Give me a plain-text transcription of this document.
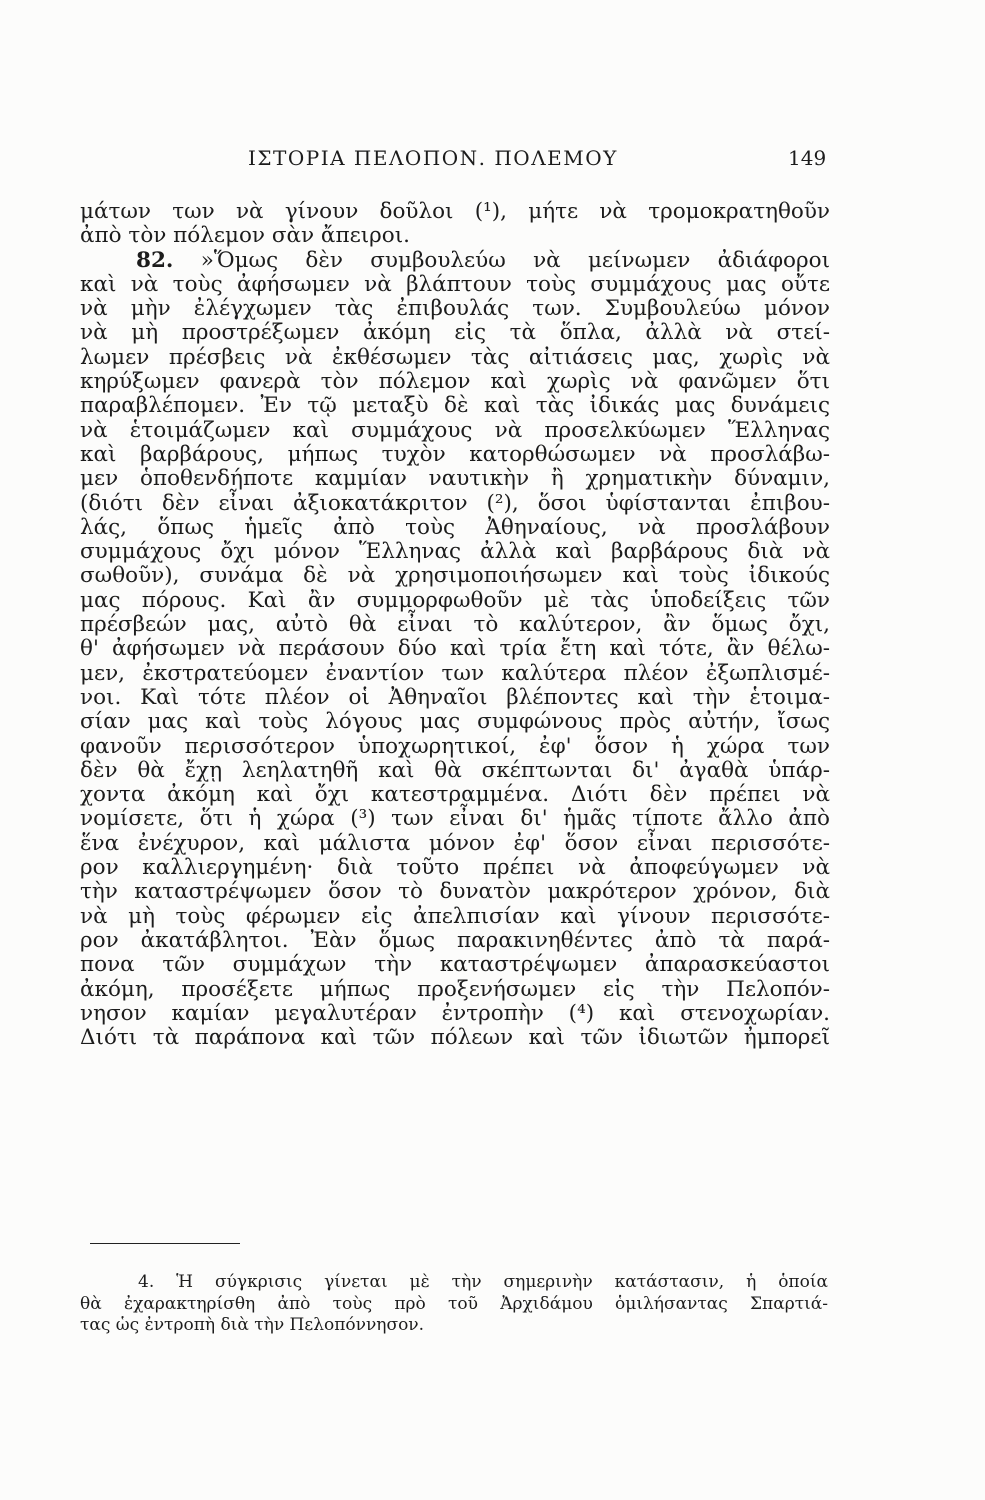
ΙΣΤΟΡΙΑ ΠΕΛΟΠΟΝ. ΠΟΛΕΜΟΥ	149
μάτων των νὰ γίνουν δοῦλοι (¹), μήτε νὰ τρομοκρατηθοῦν
ἀπὸ τὸν πόλεμον σὰν ἄπειροι.
82. »Ὅμως δὲν συμβουλεύω νὰ μείνωμεν ἀδιάφοροι
καὶ νὰ τοὺς ἀφήσωμεν νὰ βλάπτουν τοὺς συμμάχους μας οὔτε
νὰ μὴν ἐλέγχωμεν τὰς ἐπιβουλάς των. Συμβουλεύω μόνον
νὰ μὴ προστρέξωμεν ἀκόμη εἰς τὰ ὅπλα, ἀλλὰ νὰ στεί-
λωμεν πρέσβεις νὰ ἐκθέσωμεν τὰς αἰτιάσεις μας, χωρὶς νὰ
κηρύξωμεν φανερὰ τὸν πόλεμον καὶ χωρὶς νὰ φανῶμεν ὅτι
παραβλέπομεν. Ἐν τῷ μεταξὺ δὲ καὶ τὰς ἰδικάς μας δυνάμεις
νὰ ἑτοιμάζωμεν καὶ συμμάχους νὰ προσελκύωμεν Ἕλληνας
καὶ βαρβάρους, μήπως τυχὸν κατορθώσωμεν νὰ προσλάβω-
μεν ὁποθενδήποτε καμμίαν ναυτικὴν ἢ χρηματικὴν δύναμιν,
(διότι δὲν εἶναι ἀξιοκατάκριτον (²), ὅσοι ὑφίστανται ἐπιβου-
λάς, ὅπως ἡμεῖς ἀπὸ τοὺς Ἀθηναίους, νὰ προσλάβουν
συμμάχους ὄχι μόνον Ἕλληνας ἀλλὰ καὶ βαρβάρους διὰ νὰ
σωθοῦν), συνάμα δὲ νὰ χρησιμοποιήσωμεν καὶ τοὺς ἰδικούς
μας πόρους. Καὶ ἂν συμμορφωθοῦν μὲ τὰς ὑποδείξεις τῶν
πρέσβεών μας, αὐτὸ θὰ εἶναι τὸ καλύτερον, ἂν ὅμως ὄχι,
θ' ἀφήσωμεν νὰ περάσουν δύο καὶ τρία ἔτη καὶ τότε, ἂν θέλω-
μεν, ἐκστρατεύομεν ἐναντίον των καλύτερα πλέον ἐξωπλισμέ-
νοι. Καὶ τότε πλέον οἱ Ἀθηναῖοι βλέποντες καὶ τὴν ἑτοιμα-
σίαν μας καὶ τοὺς λόγους μας συμφώνους πρὸς αὐτήν, ἴσως
φανοῦν περισσότερον ὑποχωρητικοί, ἐφ' ὅσον ἡ χώρα των
δὲν θὰ ἔχῃ λεηλατηθῆ καὶ θὰ σκέπτωνται δι' ἀγαθὰ ὑπάρ-
χοντα ἀκόμη καὶ ὄχι κατεστραμμένα. Διότι δὲν πρέπει νὰ
νομίσετε, ὅτι ἡ χώρα (³) των εἶναι δι' ἡμᾶς τίποτε ἄλλο ἀπὸ
ἕνα ἐνέχυρον, καὶ μάλιστα μόνον ἐφ' ὅσον εἶναι περισσότε-
ρον καλλιεργημένη· διὰ τοῦτο πρέπει νὰ ἀποφεύγωμεν νὰ
τὴν καταστρέψωμεν ὅσον τὸ δυνατὸν μακρότερον χρόνον, διὰ
νὰ μὴ τοὺς φέρωμεν εἰς ἀπελπισίαν καὶ γίνουν περισσότε-
ρον ἀκατάβλητοι. Ἐὰν ὅμως παρακινηθέντες ἀπὸ τὰ παρά-
πονα τῶν συμμάχων τὴν καταστρέψωμεν ἀπαρασκεύαστοι
ἀκόμη, προσέξετε μήπως προξενήσωμεν εἰς τὴν Πελοπόν-
νησον καμίαν μεγαλυτέραν ἐντροπὴν (⁴) καὶ στενοχωρίαν.
Διότι τὰ παράπονα καὶ τῶν πόλεων καὶ τῶν ἰδιωτῶν ἠμπορεῖ
4. Ἡ σύγκρισις γίνεται μὲ τὴν σημερινὴν κατάστασιν, ἡ ὁποία
θὰ ἐχαρακτηρίσθη ἀπὸ τοὺς πρὸ τοῦ Ἀρχιδάμου ὁμιλήσαντας Σπαρτιά-
τας ὡς ἐντροπὴ διὰ τὴν Πελοπόννησον.
